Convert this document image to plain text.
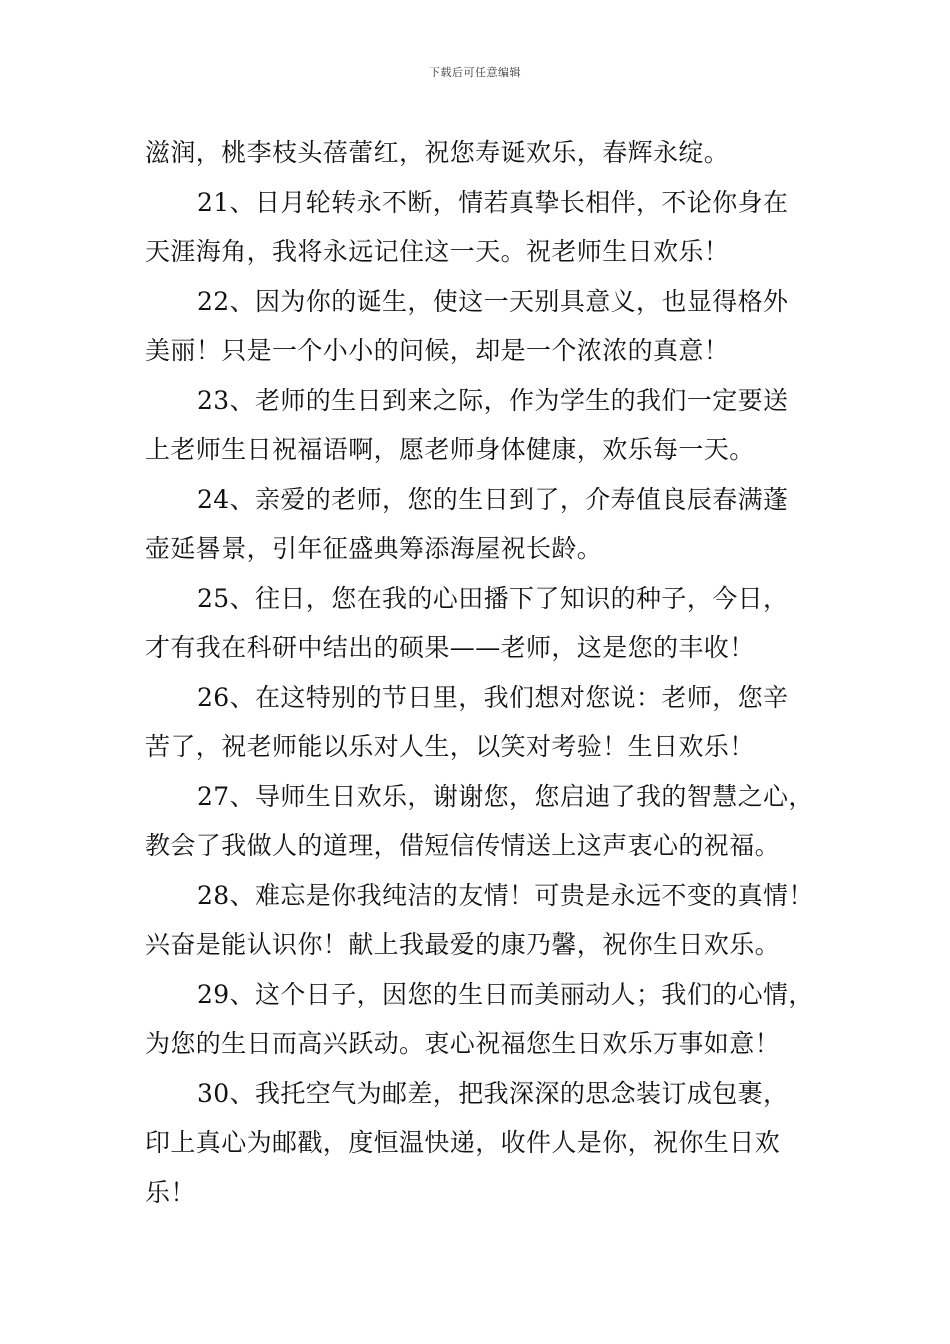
下载后可任意编辑
滋润，桃李枝头蓓蕾红，祝您寿诞欢乐，春辉永绽。
21、日月轮转永不断，情若真挚长相伴，不论你身在
天涯海角，我将永远记住这一天。祝老师生日欢乐！
22、因为你的诞生，使这一天别具意义，也显得格外
美丽！只是一个小小的问候，却是一个浓浓的真意！
23、老师的生日到来之际，作为学生的我们一定要送
上老师生日祝福语啊，愿老师身体健康，欢乐每一天。
24、亲爱的老师，您的生日到了，介寿值良辰春满蓬
壶延晷景，引年征盛典筹添海屋祝长龄。
25、往日，您在我的心田播下了知识的种子，今日，
才有我在科研中结出的硕果——老师，这是您的丰收！
26、在这特别的节日里，我们想对您说：老师，您辛
苦了，祝老师能以乐对人生，以笑对考验！生日欢乐！
27、导师生日欢乐，谢谢您，您启迪了我的智慧之心，
教会了我做人的道理，借短信传情送上这声衷心的祝福。
28、难忘是你我纯洁的友情！可贵是永远不变的真情！
兴奋是能认识你！献上我最爱的康乃馨，祝你生日欢乐。
29、这个日子，因您的生日而美丽动人；我们的心情，
为您的生日而高兴跃动。衷心祝福您生日欢乐万事如意！
30、我托空气为邮差，把我深深的思念装订成包裹，
印上真心为邮戳，度恒温快递，收件人是你，祝你生日欢
乐！
